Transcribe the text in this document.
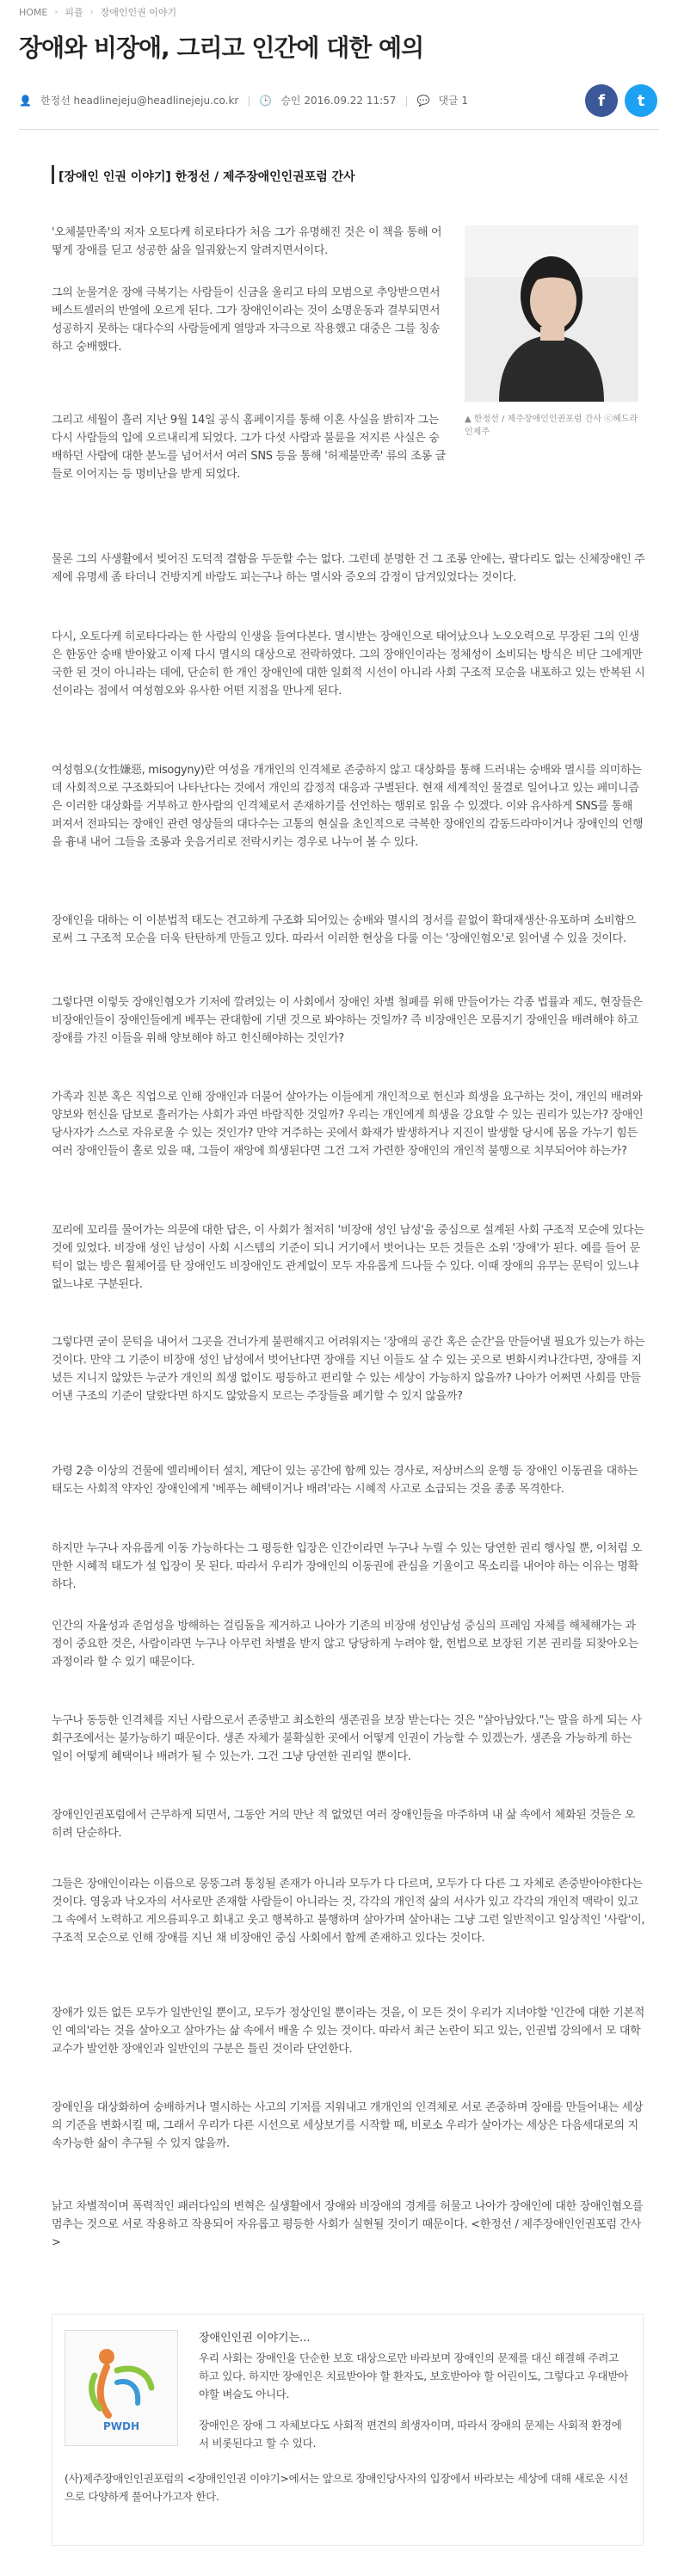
HOME › 피플 › 장애인인권 이야기
장애와 비장애, 그리고 인간에 대한 예의
👤 한정선 headlinejeju@headlinejeju.co.kr | 🕒 승인 2016.09.22 11:57 | 💬 댓글 1	f t
[장애인 인권 이야기] 한정선 / 제주장애인인권포럼 간사
▲ 한정선 / 제주장애인인권포럼 간사 ⓒ헤드라인제주

'오체불만족'의 저자 오토다케 히로타다가 처음 그가 유명해진 것은 이 책을 통해 어떻게 장애를 딛고 성공한 삶을 일궈왔는지 알려지면서이다.

그의 눈물겨운 장애 극복기는 사람들이 신금을 울리고 타의 모범으로 추앙받으면서 베스트셀러의 반열에 오르게 된다. 그가 장애인이라는 것이 소명운동과 결부되면서 성공하지 못하는 대다수의 사람들에게 열망과 자극으로 작용했고 대중은 그를 칭송하고 숭배했다.

그리고 세월이 흘러 지난 9월 14일 공식 홈페이지를 통해 이혼 사실을 밝히자 그는 다시 사람들의 입에 오르내리게 되었다. 그가 다섯 사람과 불륜을 저지른 사실은 숭배하던 사람에 대한 분노를 넘어서서 여러 SNS 등을 통해 '허제불만족' 류의 조롱 글들로 이어지는 등 명비난을 받게 되었다.

물론 그의 사생활에서 빚어진 도덕적 결함을 두둔할 수는 없다. 그런데 분명한 건 그 조롱 안에는, 팔다리도 없는 신체장애인 주제에 유명세 좀 타더니 건방지게 바람도 피는구나 하는 멸시와 증오의 감정이 담겨있었다는 것이다.

다시, 오토다케 히로타다라는 한 사람의 인생을 들여다본다. 멸시받는 장애인으로 태어났으나 노오오력으로 무장된 그의 인생은 한동안 숭배 받아왔고 이제 다시 멸시의 대상으로 전락하였다. 그의 장애인이라는 정체성이 소비되는 방식은 비단 그에게만 국한 된 것이 아니라는 데에, 단순히 한 개인 장애인에 대한 일회적 시선이 아니라 사회 구조적 모순을 내포하고 있는 반복된 시선이라는 점에서 여성혐오와 유사한 어떤 지점을 만나게 된다.

여성혐오(女性嫌惡, misogyny)란 여성을 개개인의 인격체로 존중하지 않고 대상화를 통해 드러내는 숭배와 멸시를 의미하는데 사회적으로 구조화되어 나타난다는 것에서 개인의 감정적 대응과 구별된다. 현재 세계적인 물결로 일어나고 있는 페미니즘은 이러한 대상화를 거부하고 한사람의 인격체로서 존재하기를 선언하는 행위로 읽을 수 있겠다. 이와 유사하게 SNS를 통해 퍼져서 전파되는 장애인 관련 영상들의 대다수는 고통의 현실을 초인적으로 극복한 장애인의 감동드라마이거나 장애인의 언행을 흉내 내어 그들을 조롱과 웃음거리로 전락시키는 경우로 나누어 볼 수 있다.

장애인을 대하는 이 이분법적 태도는 견고하게 구조화 되어있는 숭배와 멸시의 정서를 끝없이 확대재생산·유포하며 소비함으로써 그 구조적 모순을 더욱 탄탄하게 만들고 있다. 따라서 이러한 현상을 다룰 이는 '장애인혐오'로 읽어낼 수 있을 것이다.

그렇다면 이렇듯 장애인혐오가 기저에 깔려있는 이 사회에서 장애인 차별 철폐를 위해 만들어가는 각종 법률과 제도, 현장들은 비장애인들이 장애인들에게 베푸는 관대함에 기댄 것으로 봐야하는 것일까? 즉 비장애인은 모름지기 장애인을 배려해야 하고 장애를 가진 이들을 위해 양보해야 하고 헌신해야하는 것인가?

가족과 친분 혹은 직업으로 인해 장애인과 더불어 살아가는 이들에게 개인적으로 헌신과 희생을 요구하는 것이, 개인의 배려와 양보와 헌신을 담보로 흘러가는 사회가 과연 바람직한 것일까? 우리는 개인에게 희생을 강요할 수 있는 권리가 있는가? 장애인 당사자가 스스로 자유로울 수 있는 것인가? 만약 거주하는 곳에서 화재가 발생하거나 지진이 발생할 당시에 몸을 가누기 힘든 여러 장애인들이 홀로 있을 때, 그들이 재앙에 희생된다면 그건 그저 가련한 장애인의 개인적 불행으로 치부되어야 하는가?

꼬리에 꼬리를 물어가는 의문에 대한 답은, 이 사회가 철저히 '비장애 성인 남성'을 중심으로 설계된 사회 구조적 모순에 있다는 것에 있었다. 비장애 성인 남성이 사회 시스템의 기준이 되니 거기에서 벗어나는 모든 것들은 소위 '장애'가 된다. 예를 들어 문턱이 없는 방은 휠체어를 탄 장애인도 비장애인도 관계없이 모두 자유롭게 드나들 수 있다. 이때 장애의 유무는 문턱이 있느냐 없느냐로 구분된다.

그렇다면 굳이 문턱을 내어서 그곳을 건너가게 불편해지고 어려워지는 '장애의 공간 혹은 순간'을 만들어낼 필요가 있는가 하는 것이다. 만약 그 기준이 비장애 성인 남성에서 벗어난다면 장애를 지닌 이들도 살 수 있는 곳으로 변화시켜나간다면, 장애를 지녔든 지니지 않았든 누군가 개인의 희생 없이도 평등하고 편리할 수 있는 세상이 가능하지 않을까? 나아가 어쩌면 사회를 만들어낸 구조의 기준이 달랐다면 하지도 않았을지 모르는 주장들을 폐기할 수 있지 않을까?

가령 2층 이상의 건물에 엘리베이터 설치, 계단이 있는 공간에 함께 있는 경사로, 저상버스의 운행 등 장애인 이동권을 대하는 태도는 사회적 약자인 장애인에게 '베푸는 혜택이거나 배려'라는 시혜적 사고로 소급되는 것을 종종 목격한다.

하지만 누구나 자유롭게 이동 가능하다는 그 평등한 입장은 인간이라면 누구나 누릴 수 있는 당연한 권리 행사일 뿐, 이처럼 오만한 시혜적 태도가 설 입장이 못 된다. 따라서 우리가 장애인의 이동권에 관심을 기울이고 목소리를 내어야 하는 이유는 명확하다.

인간의 자율성과 존엄성을 방해하는 걸림돌을 제거하고 나아가 기존의 비장애 성인남성 중심의 프레임 자체를 해체해가는 과정이 중요한 것은, 사람이라면 누구나 아무런 차별을 받지 않고 당당하게 누려야 할, 헌법으로 보장된 기본 권리를 되찾아오는 과정이라 할 수 있기 때문이다.

누구나 동등한 인격체를 지닌 사람으로서 존중받고 최소한의 생존권을 보장 받는다는 것은 "살아남았다."는 말을 하게 되는 사회구조에서는 불가능하기 때문이다. 생존 자체가 불확실한 곳에서 어떻게 인권이 가능할 수 있겠는가. 생존을 가능하게 하는 일이 어떻게 혜택이나 배려가 될 수 있는가. 그건 그냥 당연한 권리일 뿐이다.

장애인인권포럼에서 근무하게 되면서, 그동안 거의 만난 적 없었던 여러 장애인들을 마주하며 내 삶 속에서 체화된 것들은 오히려 단순하다.

그들은 장애인이라는 이름으로 뭉뚱그려 통칭될 존재가 아니라 모두가 다 다르며, 모두가 다 다른 그 자체로 존중받아야한다는 것이다. 영웅과 낙오자의 서사로만 존재할 사람들이 아니라는 것, 각각의 개인적 삶의 서사가 있고 각각의 개인적 맥락이 있고 그 속에서 노력하고 게으름피우고 회내고 웃고 행복하고 불행하며 살아가며 살아내는 그냥 그런 일반적이고 일상적인 '사람'이, 구조적 모순으로 인해 장애를 지닌 채 비장애인 중심 사회에서 함께 존재하고 있다는 것이다.

장애가 있든 없든 모두가 일반인일 뿐이고, 모두가 정상인일 뿐이라는 것을, 이 모든 것이 우리가 지녀야할 '인간에 대한 기본적인 예의'라는 것을 살아오고 살아가는 삶 속에서 배울 수 있는 것이다. 따라서 최근 논란이 되고 있는, 인권법 강의에서 모 대학 교수가 발언한 장애인과 일반인의 구분은 틀린 것이라 단언한다.

장애인을 대상화하여 숭배하거나 멸시하는 사고의 기저를 지워내고 개개인의 인격체로 서로 존중하며 장애를 만들어내는 세상의 기준을 변화시킬 때, 그래서 우리가 다른 시선으로 세상보기를 시작할 때, 비로소 우리가 살아가는 세상은 다음세대로의 지속가능한 삶이 추구될 수 있지 않을까.

낡고 차별적이며 폭력적인 패러다임의 변혁은 실생활에서 장애와 비장애의 경계를 허물고 나아가 장애인에 대한 장애인혐오를 멈추는 것으로 서로 작용하고 작용되어 자유롭고 평등한 사회가 실현될 것이기 때문이다. <한정선 / 제주장애인인권포럼 간사>

PWDH
장애인인권 이야기는...

우리 사회는 장애인을 단순한 보호 대상으로만 바라보며 장애인의 문제를 대신 해결해 주려고 하고 있다. 하지만 장애인은 치료받아야 할 환자도, 보호받아야 할 어린이도, 그렇다고 우대받아야할 벼슬도 아니다.

장애인은 장애 그 자체보다도 사회적 편견의 희생자이며, 따라서 장애의 문제는 사회적 환경에서 비롯된다고 할 수 있다.

(사)제주장애인인권포럼의 <장애인인권 이야기>에서는 앞으로 장애인당사자의 입장에서 바라보는 세상에 대해 새로운 시선으로 다양하게 풀어나가고자 한다.
